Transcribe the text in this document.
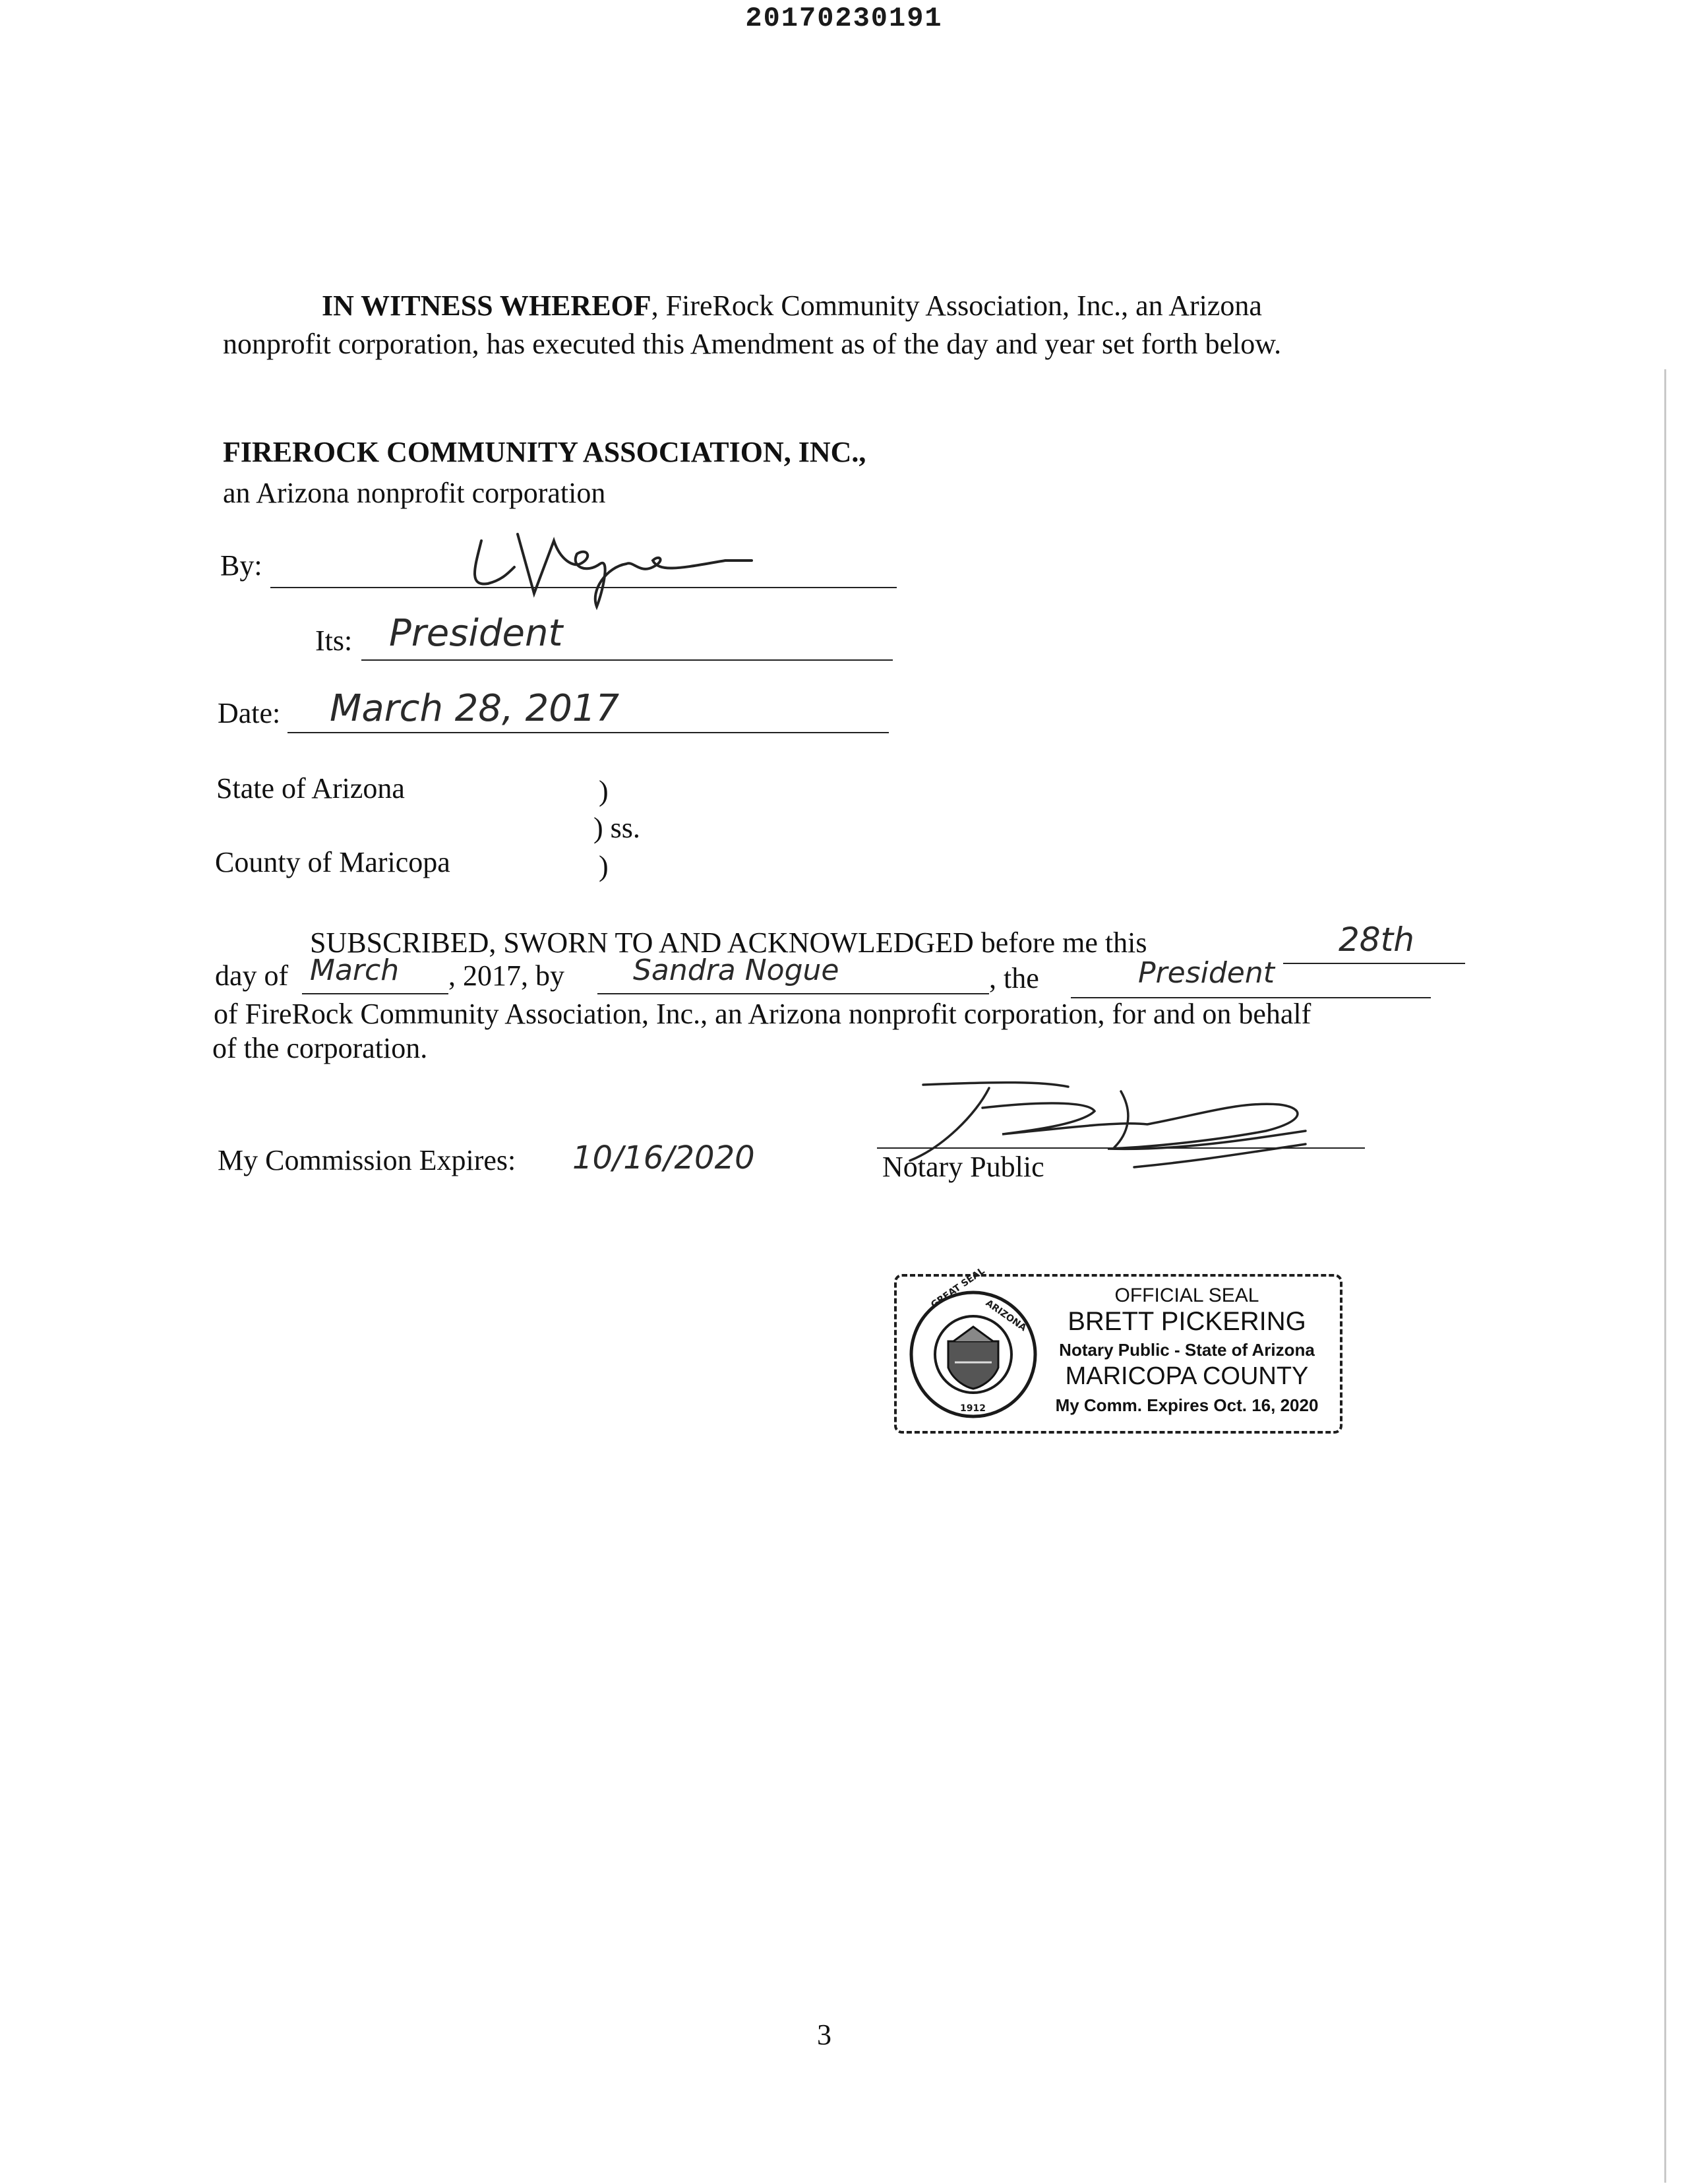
20170230191
IN WITNESS WHEREOF, FireRock Community Association, Inc., an Arizona
nonprofit corporation, has executed this Amendment as of the day and year set forth below.
FIREROCK COMMUNITY ASSOCIATION, INC.,
an Arizona nonprofit corporation
By:
Its: President
Date: March 28, 2017
State of Arizona	)
) ss.
County of Maricopa	)
SUBSCRIBED, SWORN TO AND ACKNOWLEDGED before me this	28th
day of March , 2017, by Sandra Nogue	, the	President
of FireRock Community Association, Inc., an Arizona nonprofit corporation, for and on behalf
of the corporation.
My Commission Expires: 10/16/2020	Notary Public
GREAT SEAL
ARIZONA
1912
OFFICIAL SEAL
BRETT PICKERING
Notary Public - State of Arizona
MARICOPA COUNTY
My Comm. Expires Oct. 16, 2020
3
